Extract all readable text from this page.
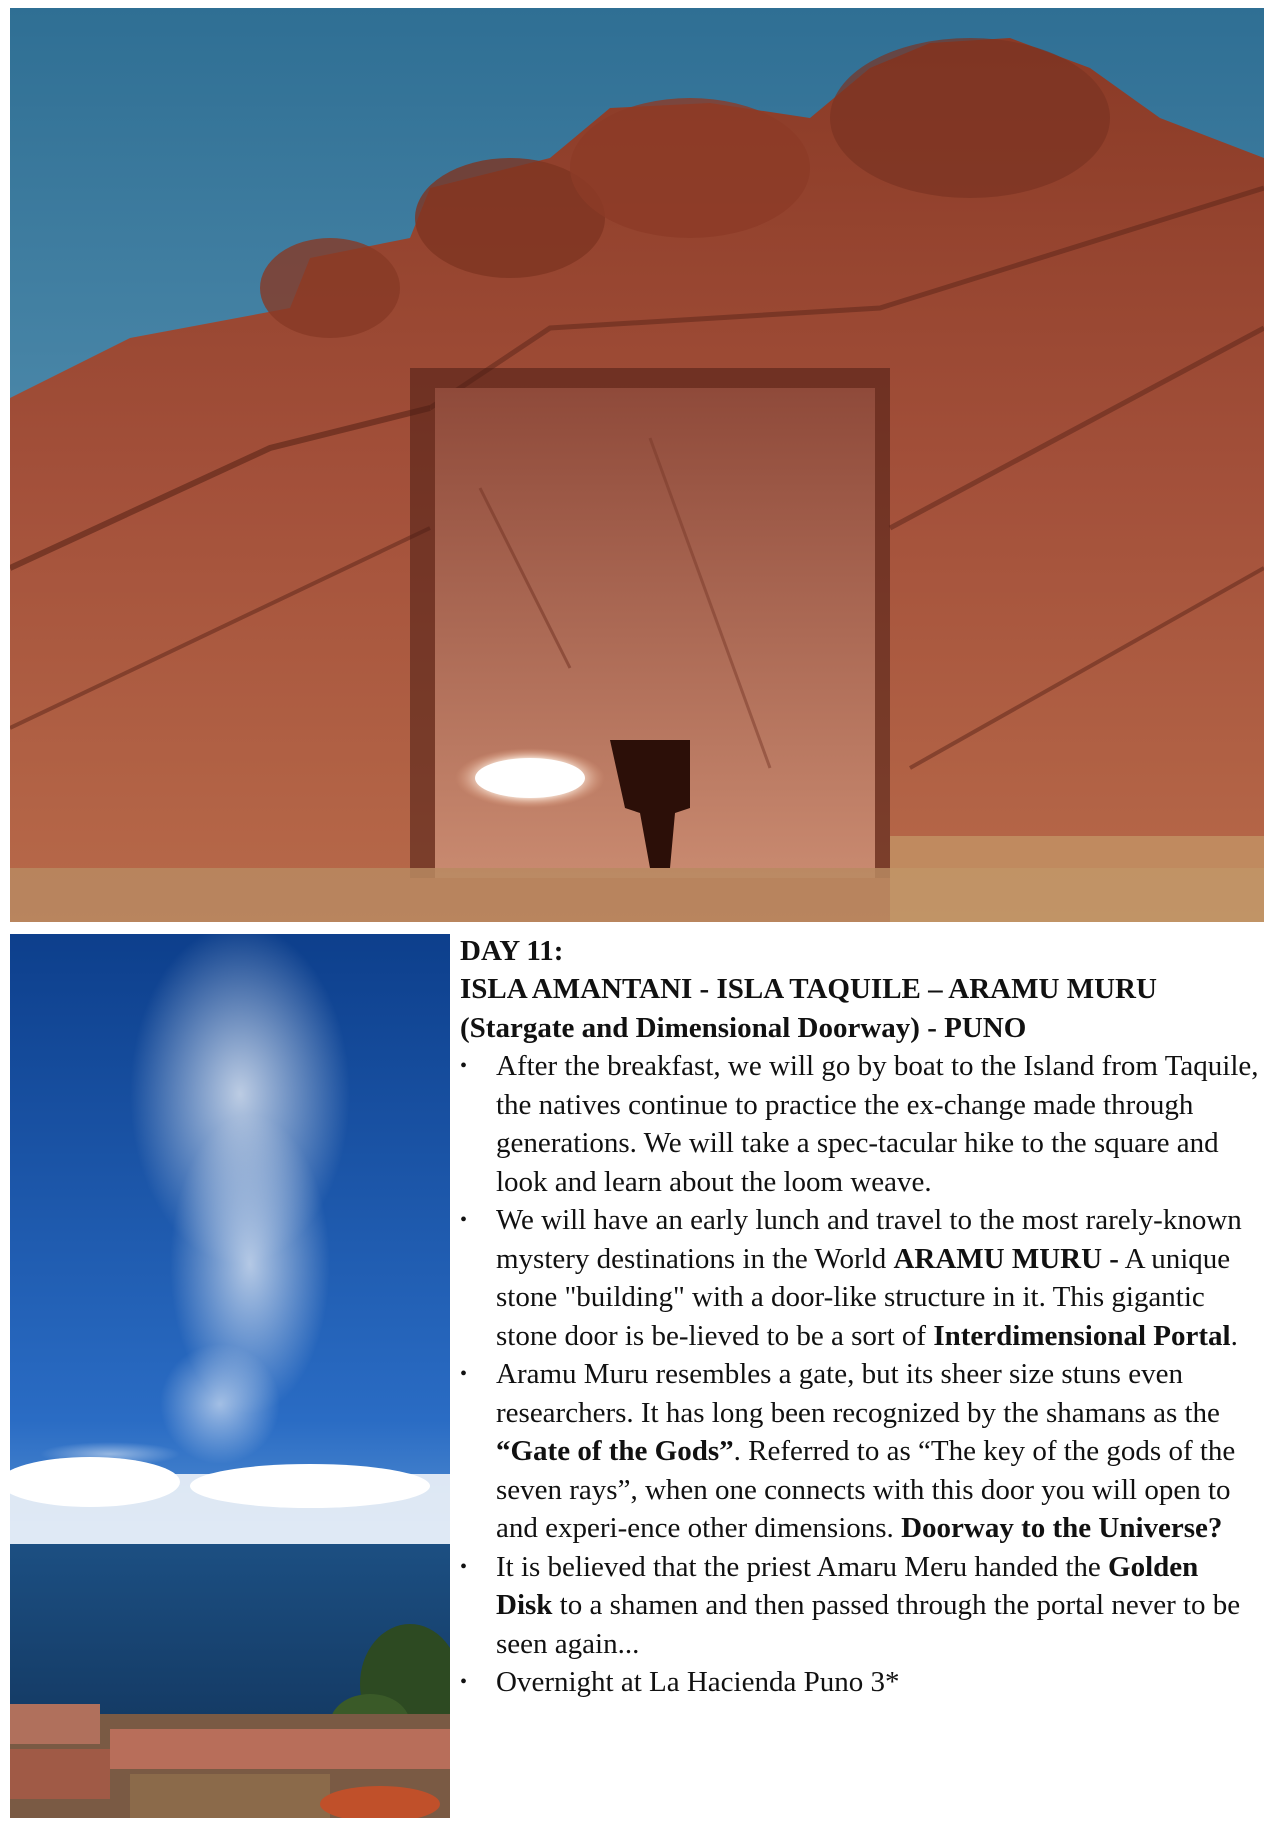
DAY 11:

ISLA AMANTANI - ISLA TAQUILE – ARAMU MURU (Stargate and Dimensional Doorway) - PUNO

• After the breakfast, we will go by boat to the Island from Taquile, the natives continue to practice the ex-change made through generations. We will take a spec-tacular hike to the square and look and learn about the loom weave.

• We will have an early lunch and travel to the most rarely-known mystery destinations in the World ARAMU MURU - A unique stone "building" with a door-like structure in it. This gigantic stone door is be-lieved to be a sort of Interdimensional Portal.

• Aramu Muru resembles a gate, but its sheer size stuns even researchers. It has long been recognized by the shamans as the “Gate of the Gods”. Referred to as “The key of the gods of the seven rays”, when one connects with this door you will open to and experi-ence other dimensions. Doorway to the Universe?

• It is believed that the priest Amaru Meru handed the Golden Disk to a shamen and then passed through the portal never to be seen again...

• Overnight at La Hacienda Puno 3*
